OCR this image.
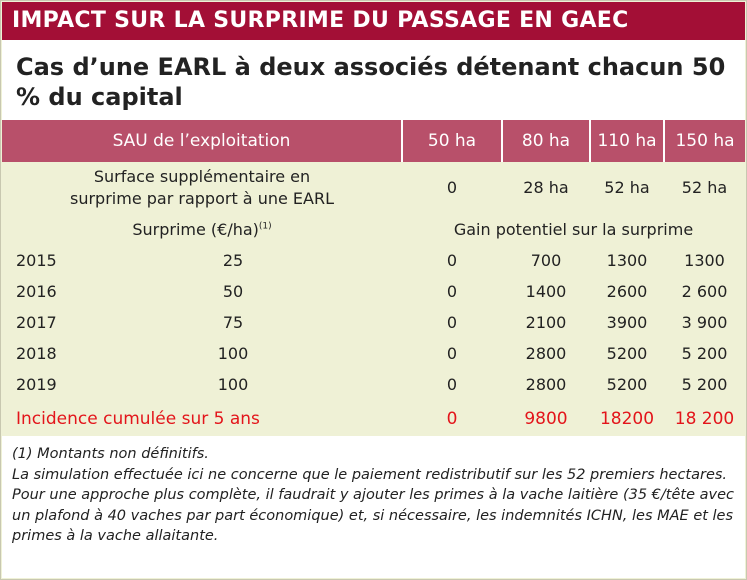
IMPACT SUR LA SURPRIME DU PASSAGE EN GAEC
Cas d’une EARL à deux associés détenant chacun 50 % du capital
SAU de l’exploitation		50 ha	80 ha	110 ha	150 ha
Surface supplémentaire en surprime par rapport à une EARL		0	28 ha	52 ha	52 ha
Surprime (€/ha)$^{(1)}$		Gain potentiel sur la surprime			
2015	25	0	700	1300	1300
2016	50	0	1400	2600	2 600
2017	75	0	2100	3900	3 900
2018	100	0	2800	5200	5 200
2019	100	0	2800	5200	5 200
Incidence cumulée sur 5 ans		0	9800	18200	18 200

(1) Montants non définitifs.

La simulation effectuée ici ne concerne que le paiement redistributif sur les 52 premiers hectares. Pour une approche plus complète, il faudrait y ajouter les primes à la vache laitière (35 €/tête avec un plafond à 40 vaches par part économique) et, si nécessaire, les indemnités ICHN, les MAE et les primes à la vache allaitante.
